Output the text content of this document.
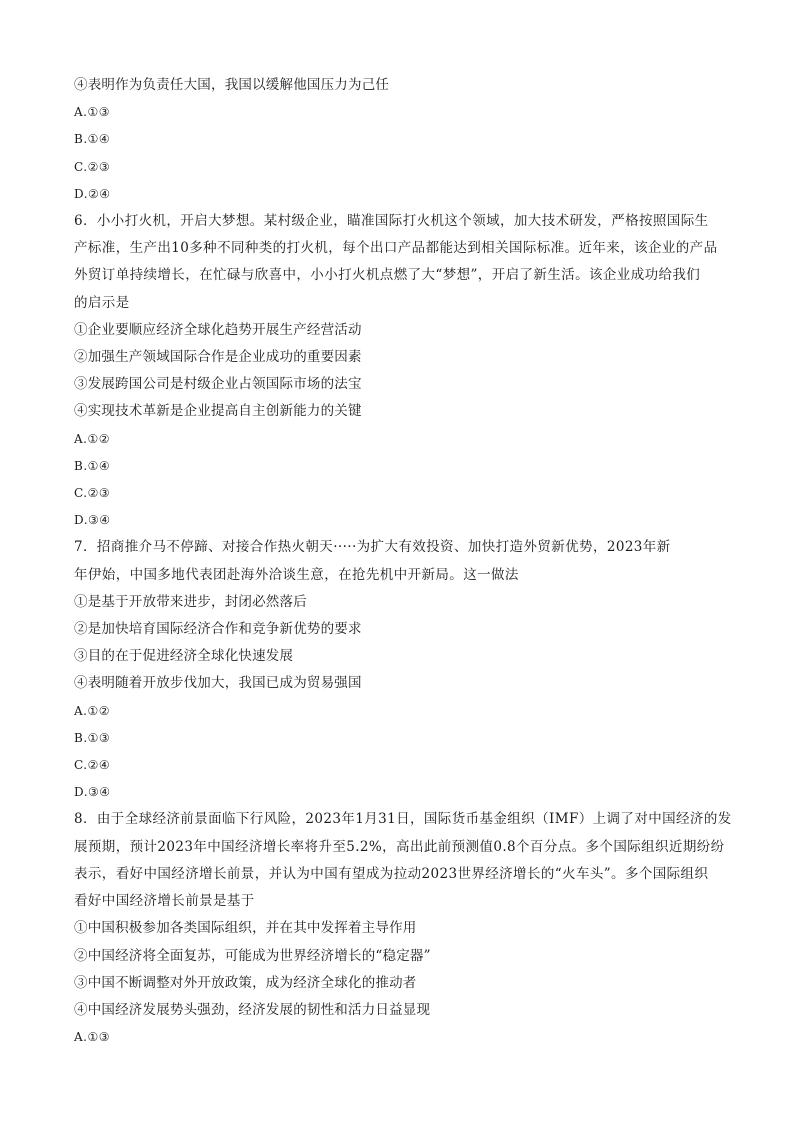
④表明作为负责任大国，我国以缓解他国压力为己任
A.①③
B.①④
C.②③
D.②④
6．小小打火机，开启大梦想。某村级企业，瞄准国际打火机这个领域，加大技术研发，严格按照国际生
产标准，生产出10多种不同种类的打火机，每个出口产品都能达到相关国际标准。近年来，该企业的产品
外贸订单持续增长，在忙碌与欣喜中，小小打火机点燃了大“梦想”，开启了新生活。该企业成功给我们
的启示是
①企业要顺应经济全球化趋势开展生产经营活动
②加强生产领域国际合作是企业成功的重要因素
③发展跨国公司是村级企业占领国际市场的法宝
④实现技术革新是企业提高自主创新能力的关键
A.①②
B.①④
C.②③
D.③④
7．招商推介马不停蹄、对接合作热火朝天·····为扩大有效投资、加快打造外贸新优势，2023年新
年伊始，中国多地代表团赴海外洽谈生意，在抢先机中开新局。这一做法
①是基于开放带来进步，封闭必然落后
②是加快培育国际经济合作和竞争新优势的要求
③目的在于促进经济全球化快速发展
④表明随着开放步伐加大，我国已成为贸易强国
A.①②
B.①③
C.②④
D.③④
8．由于全球经济前景面临下行风险，2023年1月31日，国际货币基金组织（IMF）上调了对中国经济的发
展预期，预计2023年中国经济增长率将升至5.2%，高出此前预测值0.8个百分点。多个国际组织近期纷纷
表示，看好中国经济增长前景，并认为中国有望成为拉动2023世界经济增长的“火车头”。多个国际组织
看好中国经济增长前景是基于
①中国积极参加各类国际组织，并在其中发挥着主导作用
②中国经济将全面复苏，可能成为世界经济增长的“稳定器”
③中国不断调整对外开放政策，成为经济全球化的推动者
④中国经济发展势头强劲，经济发展的韧性和活力日益显现
A.①③
